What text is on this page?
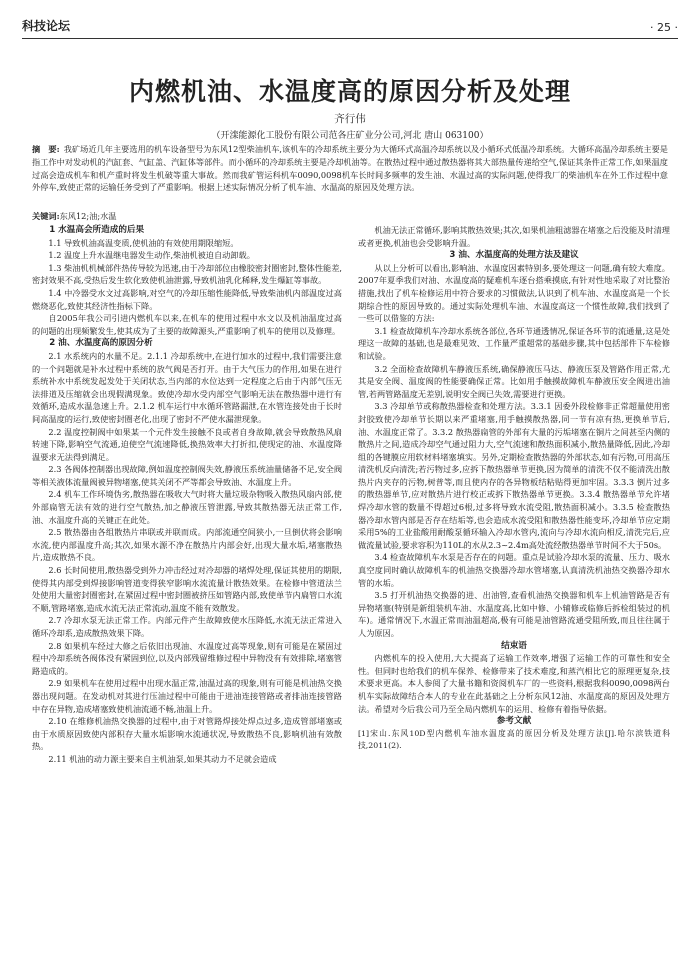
科技论坛	· 25 ·
内燃机油、水温度高的原因分析及处理
齐行伟
（开滦能源化工股份有限公司范各庄矿业分公司,河北 唐山 063100）
摘　要: 我矿场近几年主要选用的机车设备型号为东风12型柴油机车,该机车的冷却系统主要分为大循环式高温冷却系统以及小循环式低温冷却系统。大循环高温冷却系统主要是指工作中对发动机的汽缸套、气缸盖、汽缸体等部件。而小循环的冷却系统主要是冷却机油等。在散热过程中通过散热器将其大部热量传递给空气,保证其条件正常工作,如果温度过高会造成机车和机产重时将发生机破等重大事故。然而我矿管运科机车0090,0098机车长时间多频率的发生油、水温过高的实际问题,使得我厂的柴油机车在外工作过程中意外停车,致使正常的运输任务受到了严重影响。根据上述实际情况分析了机车油、水温高的原因及处理方法。
关键词:东风12;油;水温
1 水温高会所造成的后果

1.1 导致机油高温变质,使机油的有效使用期限缩短。

1.2 温度上升水温继电器发生动作,柴油机被迫自动卸载。

1.3 柴油机机械部件热传导较为迅速,由于冷却部位由橡胶密封圈密封,整体性能差,密封效果不高,受热后发生软化致使机油泄露,导致机油乳化稀释,发生爆缸等事故。

1.4 中冷器受水文过高影响,对空气的冷却压缩性能降低,导致柴油机内部温度过高燃烧恶化,致使其经济性指标下降。

自2005年我公司引进内燃机车以来,在机车的使用过程中水文以及机油温度过高的问题的出现频繁发生,使其成为了主要的故障源头,严重影响了机车的使用以及修理。

2 油、水温度高的原因分析

2.1 水系统内的水量不足。2.1.1 冷却系统中,在进行加水的过程中,我们需要注意的一个问题就是补水过程中系统的放气阀是否打开。由于大气压力的作用,如果在进行系统补水中系统发起发处于关闭状态,当内部的水位达到一定程度之后由于内部气压无法排道及压缩就会出现假满现象。致使冷却水受内部空气影响无法在散热器中进行有效循环,造成水温急速上升。2.1.2 机车运行中水循环管路漏泄,在水管连接处由于长时间高温度的运行,致使密封圈老化,出现了密封不严使水漏泄现象。

2.2 温度控制阀中如果某一个元件发生接触不良或者自身故障,就会导致散热风扇转速下降,影响空气流通,迫使空气流速降低,换热效率大打折扣,使现定的油、水温度降温要求无法得到满足。

2.3 各阀体控制器出现故障,例如温度控制阀失效,静液压系统油量储备不足,安全阀等相关液体流量阀被异物堵塞,使其关闭不严等都会导致油、水温度上升。

2.4 机车工作环境伪劣,散热器在吸收大气时将大量垃圾杂物吸入散热风扇内部,使外部扁管无法有效的进行空气散热,加之静液压管泄露,导致其散热器无法正常工作,油、水温度升高的关键正在此处。

2.5 散热器由各组散热片串联或并联而成。内部流通空间狭小,一旦倒伏将会影响水流,使内部温度升高;其次,如果水源不净在散热片内部会好,出现大量水垢,堵塞散热片,造成散热不良。

2.6 长时间使用,散热器受到外力冲击经过对冷却器的堵焊处理,保证其使用的期限,使得其内部受到焊接影响管道变得狭窄影响水流流量计散热效果。在检修中管道法兰处使用大量密封圈密封,在紧固过程中密封圈被挤压如管路内部,致使单节内扁管口水流不顺,管路堵塞,造成水流无法正常流动,温度不能有效散发。

2.7 冷却水泵无法正常工作。内部元件产生故障致使水压降低,水流无法正常进入循环冷却系,造成散热效果下降。

2.8 如果机车经过大修之后依旧出现油、水温度过高等现象,则有可能是在紧固过程中冷却系统各阀体没有紧固到位,以及内部残留维修过程中异物没有有效排除,堵塞管路造成的。

2.9 如果机车在使用过程中出现水温正常,油温过高的现象,则有可能是机油热交换器出现问题。在发动机对其进行压油过程中可能由于进油连接管路或者排油连接管路中存在异物,造成堵塞致使机油流通不畅,油温上升。

2.10 在维修机油热交换器的过程中,由于对管路焊接处焊点过多,造成管部堵塞或由于水质原因致使内部积存大量水垢影响水流通状况,导致散热不良,影响机油有效散热。

2.11 机油的动力源主要来自主机油泵,如果其动力不足就会造成

机油无法正常循环,影响其散热效果;其次,如果机油粗滤器在堵塞之后没能及时清理或者更换,机油也会受影响升温。

3 油、水温度高的处理方法及建议

从以上分析可以看出,影响油、水温度因素特别多,要处理这一问题,确有较大难度。2007年夏季我们对油、水温度高的疑难机车逐台搭乘摸底,有针对性地采取了对比整治措施,找出了机车检修运用中符合要求的习惯做法,认识到了机车油、水温度高是一个长期综合性的原因导致的。通过实际处理机车油、水温度高这一个惯性故障,我们找到了一些可以借鉴的方法:

3.1 检查故障机车冷却水系统各部位,各环节通透情况,保证各环节的流通量,这是处理这一故障的基础,也是最难见效、工作量严重超常的基础步骤,其中包括部件下车检修和试验。

3.2 全面检查故障机车静液压系统,确保静液压马达、静液压泵及管路作用正常,尤其是安全阀、温度阀的性能要确保正常。比如用手触摸故障机车静液压安全阀进出油管,若两管路温度无差别,说明安全阀已失效,需要进行更换。

3.3 冷却单节或称散热器检查和处理方法。3.3.1 因委外段检修非正常超量使用密封胶致使冷却单节长期以来严重堵塞,用手触摸散热器,同一节有凉有热,更换单节后,油、水温度正常了。3.3.2 散热器扁管的外部有大量的污垢堵塞在铜片之间甚至内侧的散热片之间,造成冷却空气通过阻力大,空气流速和散热面积减小,散热量降低,因此,冷却组的各键膜应用软材料堵塞填实。另外,定期检查散热器的外部状态,如有污物,可用高压清洗机反向清洗;若污物过多,应拆下散热器单节更换,因为简单的清洗不仅不能清洗出散热片内夹存的污物,树普等,而且使内存的各异物板结粘贴得更加牢固。3.3.3 倒片过多的散热器单节,应对散热片进行校正或拆下散热器单节更换。3.3.4 散热器单节允许堵焊冷却水管的数量不得超过6根,过多将导致水流受阻,散热面积减小。3.3.5 检查散热器冷却水管内部是否存在结垢等,也会造成水流受阻和散热器性能变坏,冷却单节应定期采用5%的工业盐酸用耐酸泵循环输入冷却水管内,流向与冷却水流向相反,清洗完后,应做流量试验,要求容积为110L的水从2.3~2.4m高处流经散热器单节时间不大于50s。

3.4 检查故障机车水泵是否存在的问题。重点是试验冷却水泵的流量、压力、吸水真空度同时确认故障机车的机油热交换器冷却水管堵塞,认真清洗机油热交换器冷却水管的水垢。

3.5 打开机油热交换器的进、出油管,查看机油热交换器和机车上机油管路是否有异物堵塞(特别是新组装机车油、水温度高,比如中修、小辅修或临修后拆检组装过的机车)。通常情况下,水温正常而油温超高,极有可能是油管路流通受阻所致,而且往往属于人为原因。

结束语

内燃机车的投入使用,大大提高了运输工作效率,增强了运输工作的可靠性和安全性。但同时也给我们的机车保养、检修带来了技术难度,和蒸汽相比它的原理更复杂,技术要求更高。本人参阅了大量书籍和资阅机车厂的一些资料,根据我科0090,0098两台机车实际故障结合本人的专业在此基础之上分析东风12油、水温度高的原因及处理方法。希望对今后我公司乃至全局内燃机车的运用、检修有着指导依据。

参考文献

[1]宋山.东风10D型内燃机车油水温度高的原因分析及处理方法[J].哈尔滨铁道科技,2011(2).
